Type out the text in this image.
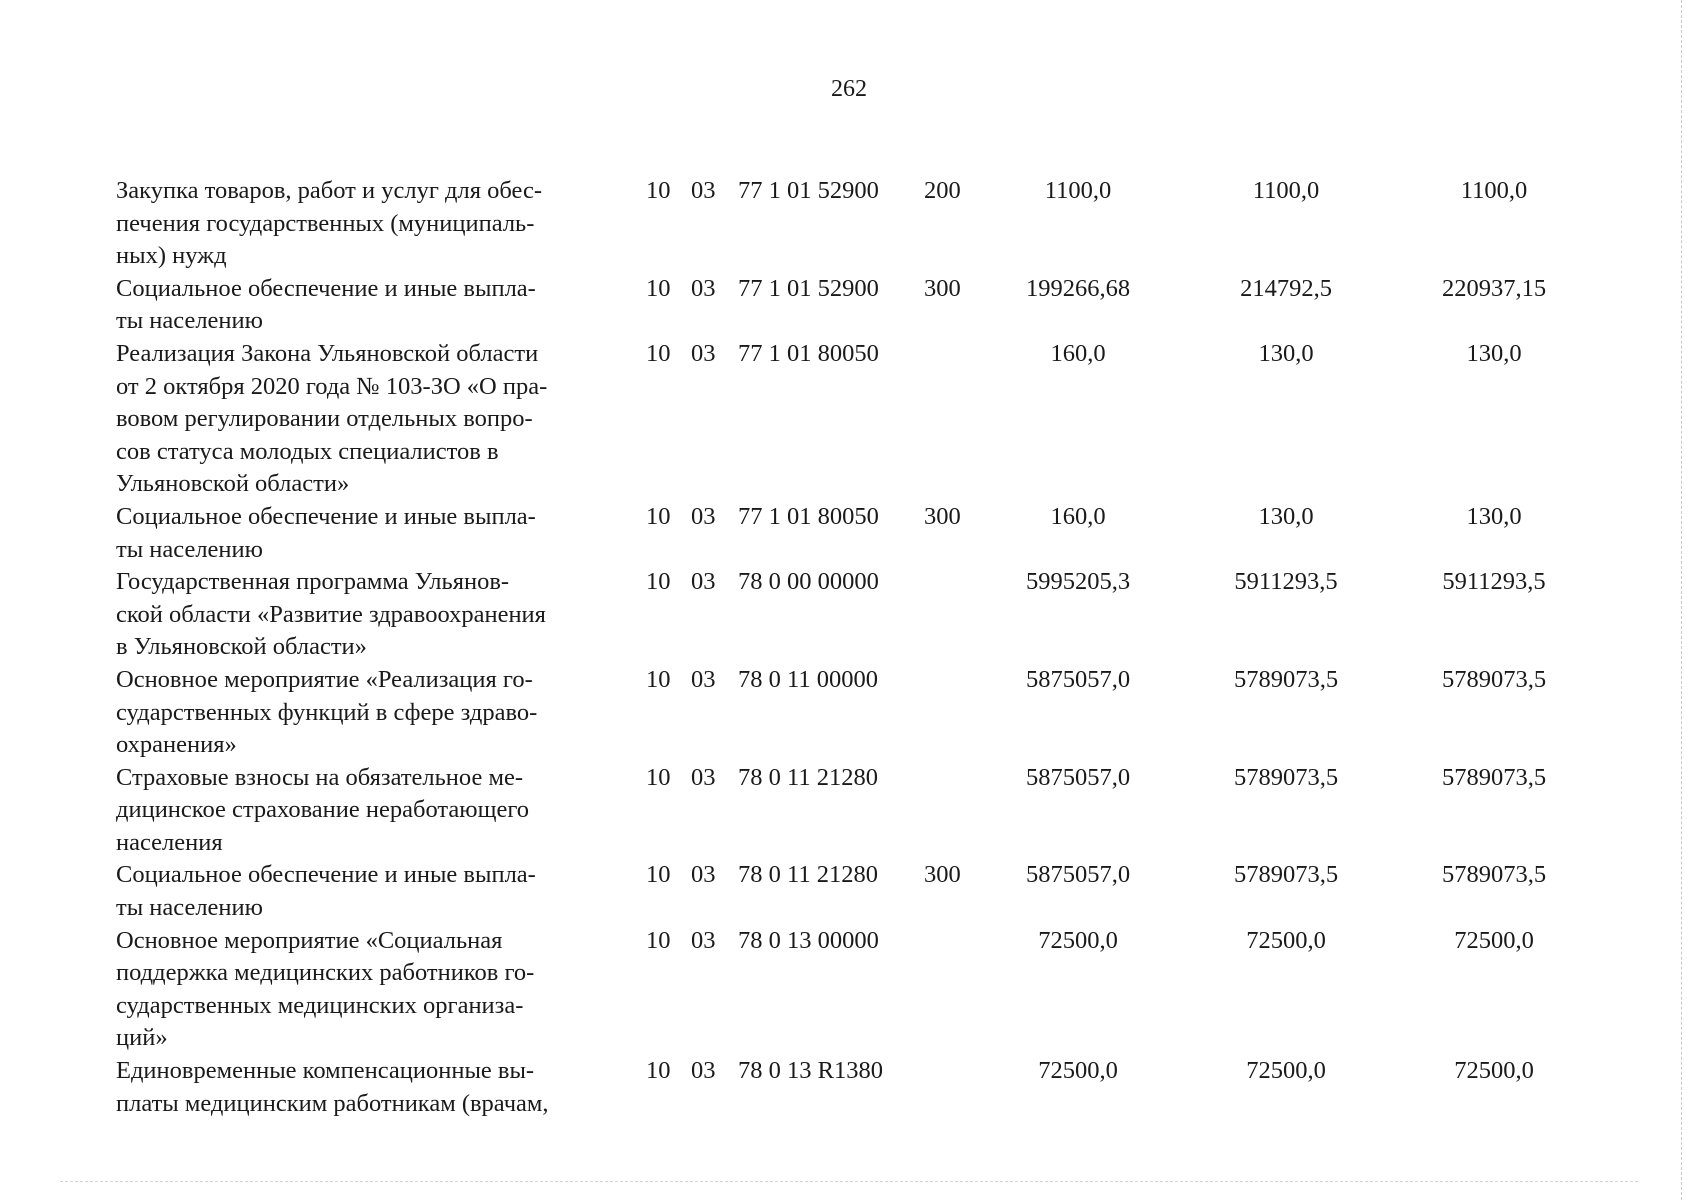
262
Закупка товаров, работ и услуг для обес-
печения государственных (муниципаль-
ных) нужд
10 03 77 1 01 52900 200	1100,0	1100,0	1100,0
Социальное обеспечение и иные выпла-
ты населению
10 03 77 1 01 52900 300	199266,68	214792,5	220937,15
Реализация Закона Ульяновской области
от 2 октября 2020 года № 103-ЗО «О пра-
вовом регулировании отдельных вопро-
сов статуса молодых специалистов в
Ульяновской области»
10 03 77 1 01 80050	160,0	130,0	130,0
Социальное обеспечение и иные выпла-
ты населению
10 03 77 1 01 80050 300	160,0	130,0	130,0
Государственная программа Ульянов-
ской области «Развитие здравоохранения
в Ульяновской области»
10 03 78 0 00 00000	5995205,3	5911293,5	5911293,5
Основное мероприятие «Реализация го-
сударственных функций в сфере здраво-
охранения»
10 03 78 0 11 00000	5875057,0	5789073,5	5789073,5
Страховые взносы на обязательное ме-
дицинское страхование неработающего
населения
10 03 78 0 11 21280	5875057,0	5789073,5	5789073,5
Социальное обеспечение и иные выпла-
ты населению
10 03 78 0 11 21280 300	5875057,0	5789073,5	5789073,5
Основное мероприятие «Социальная
поддержка медицинских работников го-
сударственных медицинских организа-
ций»
10 03 78 0 13 00000	72500,0	72500,0	72500,0
Единовременные компенсационные вы-
платы медицинским работникам (врачам,
10 03 78 0 13 R1380	72500,0	72500,0	72500,0
